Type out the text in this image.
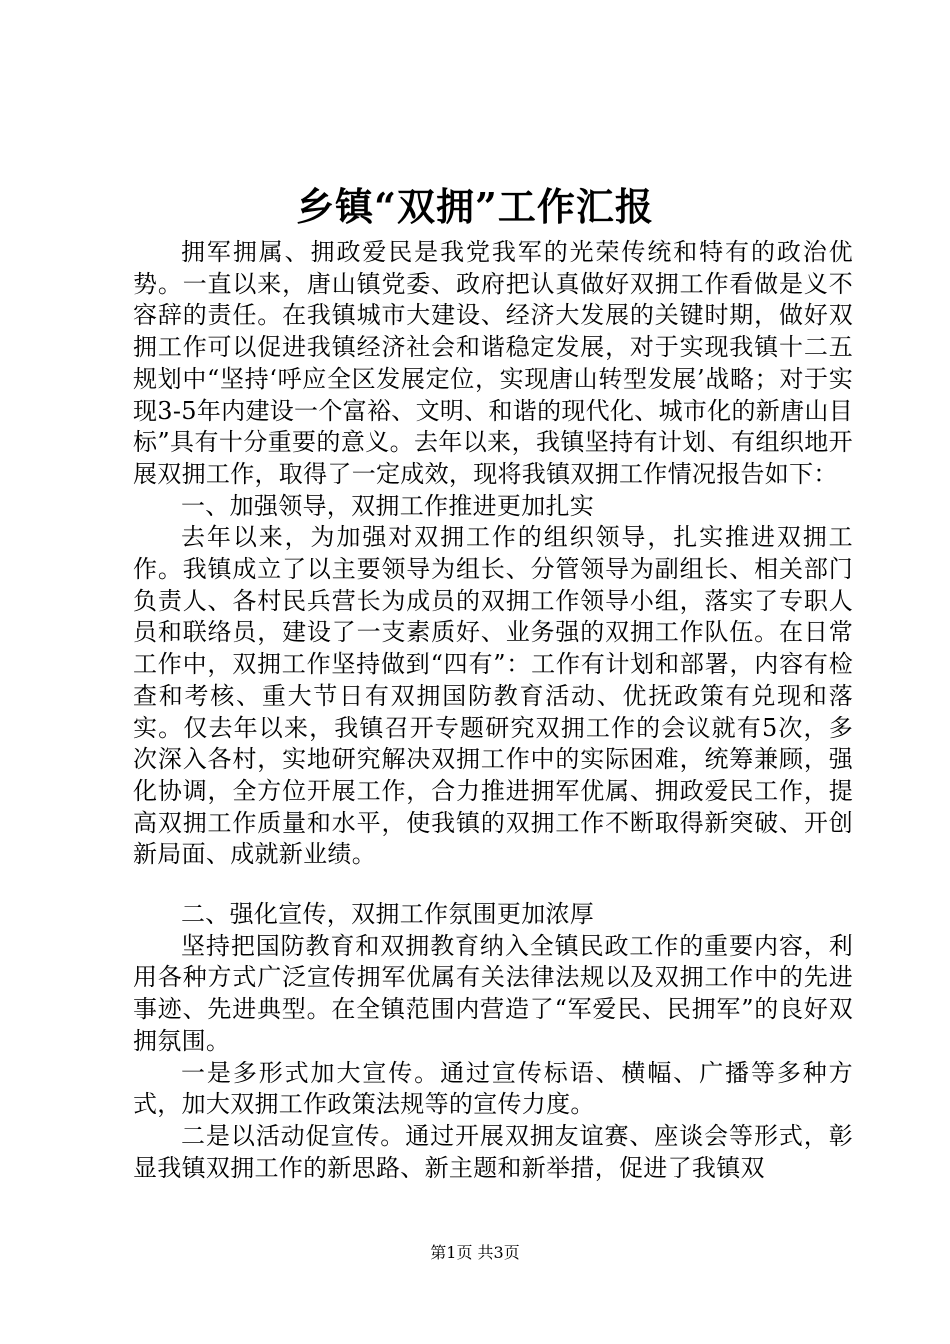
乡镇“双拥”工作汇报

拥军拥属、拥政爱民是我党我军的光荣传统和特有的政治优势。一直以来，唐山镇党委、政府把认真做好双拥工作看做是义不容辞的责任。在我镇城市大建设、经济大发展的关键时期，做好双拥工作可以促进我镇经济社会和谐稳定发展，对于实现我镇十二五规划中“坚持‘呼应全区发展定位，实现唐山转型发展’战略；对于实现3-5年内建设一个富裕、文明、和谐的现代化、城市化的新唐山目标”具有十分重要的意义。去年以来，我镇坚持有计划、有组织地开展双拥工作，取得了一定成效，现将我镇双拥工作情况报告如下：

一、加强领导，双拥工作推进更加扎实

去年以来，为加强对双拥工作的组织领导，扎实推进双拥工作。我镇成立了以主要领导为组长、分管领导为副组长、相关部门负责人、各村民兵营长为成员的双拥工作领导小组，落实了专职人员和联络员，建设了一支素质好、业务强的双拥工作队伍。在日常工作中，双拥工作坚持做到“四有”：工作有计划和部署，内容有检查和考核、重大节日有双拥国防教育活动、优抚政策有兑现和落实。仅去年以来，我镇召开专题研究双拥工作的会议就有5次，多次深入各村，实地研究解决双拥工作中的实际困难，统筹兼顾，强化协调，全方位开展工作，合力推进拥军优属、拥政爱民工作，提高双拥工作质量和水平，使我镇的双拥工作不断取得新突破、开创新局面、成就新业绩。

二、强化宣传，双拥工作氛围更加浓厚

坚持把国防教育和双拥教育纳入全镇民政工作的重要内容，利用各种方式广泛宣传拥军优属有关法律法规以及双拥工作中的先进事迹、先进典型。在全镇范围内营造了“军爱民、民拥军”的良好双拥氛围。

一是多形式加大宣传。通过宣传标语、横幅、广播等多种方式，加大双拥工作政策法规等的宣传力度。

二是以活动促宣传。通过开展双拥友谊赛、座谈会等形式，彰显我镇双拥工作的新思路、新主题和新举措，促进了我镇双

第1页 共3页
